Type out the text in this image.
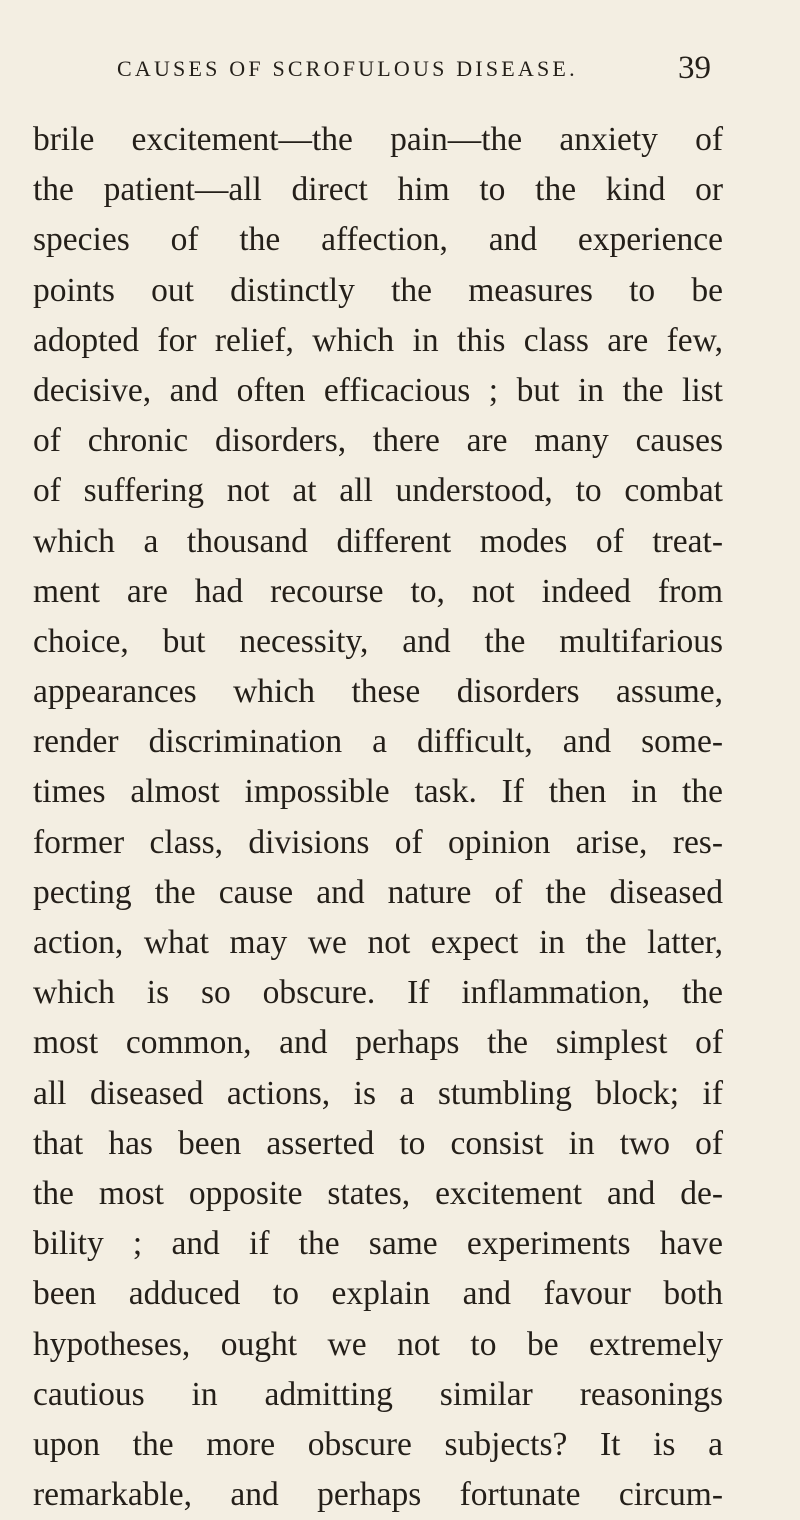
CAUSES OF SCROFULOUS DISEASE.	39
brile excitement—the pain—the anxiety of
the patient—all direct him to the kind or
species of the affection, and experience
points out distinctly the measures to be
adopted for relief, which in this class are few,
decisive, and often efficacious ; but in the list
of chronic disorders, there are many causes
of suffering not at all understood, to combat
which a thousand different modes of treat-
ment are had recourse to, not indeed from
choice, but necessity, and the multifarious
appearances which these disorders assume,
render discrimination a difficult, and some-
times almost impossible task. If then in the
former class, divisions of opinion arise, res-
pecting the cause and nature of the diseased
action, what may we not expect in the latter,
which is so obscure. If inflammation, the
most common, and perhaps the simplest of
all diseased actions, is a stumbling block; if
that has been asserted to consist in two of
the most opposite states, excitement and de-
bility ; and if the same experiments have
been adduced to explain and favour both
hypotheses, ought we not to be extremely
cautious in admitting similar reasonings
upon the more obscure subjects? It is a
remarkable, and perhaps fortunate circum-
